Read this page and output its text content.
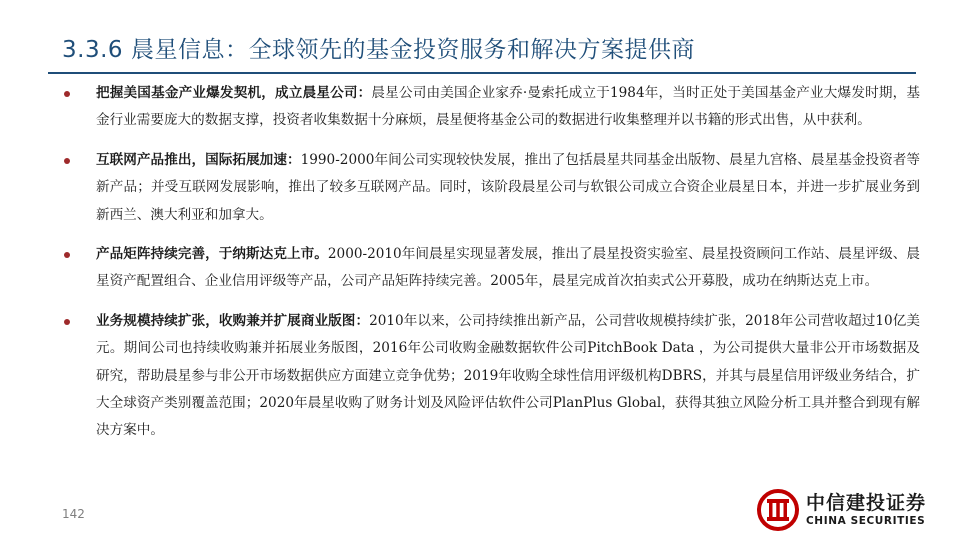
3.3.6 晨星信息：全球领先的基金投资服务和解决方案提供商
把握美国基金产业爆发契机，成立晨星公司：晨星公司由美国企业家乔·曼索托成立于1984年，当时正处于美国基金产业大爆发时期，基金行业需要庞大的数据支撑，投资者收集数据十分麻烦，晨星便将基金公司的数据进行收集整理并以书籍的形式出售，从中获利。
互联网产品推出，国际拓展加速：1990-2000年间公司实现较快发展，推出了包括晨星共同基金出版物、晨星九宫格、晨星基金投资者等新产品；并受互联网发展影响，推出了较多互联网产品。同时，该阶段晨星公司与软银公司成立合资企业晨星日本，并进一步扩展业务到新西兰、澳大利亚和加拿大。
产品矩阵持续完善，于纳斯达克上市。2000-2010年间晨星实现显著发展，推出了晨星投资实验室、晨星投资顾问工作站、晨星评级、晨星资产配置组合、企业信用评级等产品，公司产品矩阵持续完善。2005年，晨星完成首次拍卖式公开募股，成功在纳斯达克上市。
业务规模持续扩张，收购兼并扩展商业版图：2010年以来，公司持续推出新产品，公司营收规模持续扩张，2018年公司营收超过10亿美元。期间公司也持续收购兼并拓展业务版图，2016年公司收购金融数据软件公司PitchBook Data ，为公司提供大量非公开市场数据及研究，帮助晨星参与非公开市场数据供应方面建立竞争优势；2019年收购全球性信用评级机构DBRS，并其与晨星信用评级业务结合，扩大全球资产类别覆盖范围；2020年晨星收购了财务计划及风险评估软件公司PlanPlus Global，获得其独立风险分析工具并整合到现有解决方案中。
142	中信建投证券
CHINA SECURITIES
